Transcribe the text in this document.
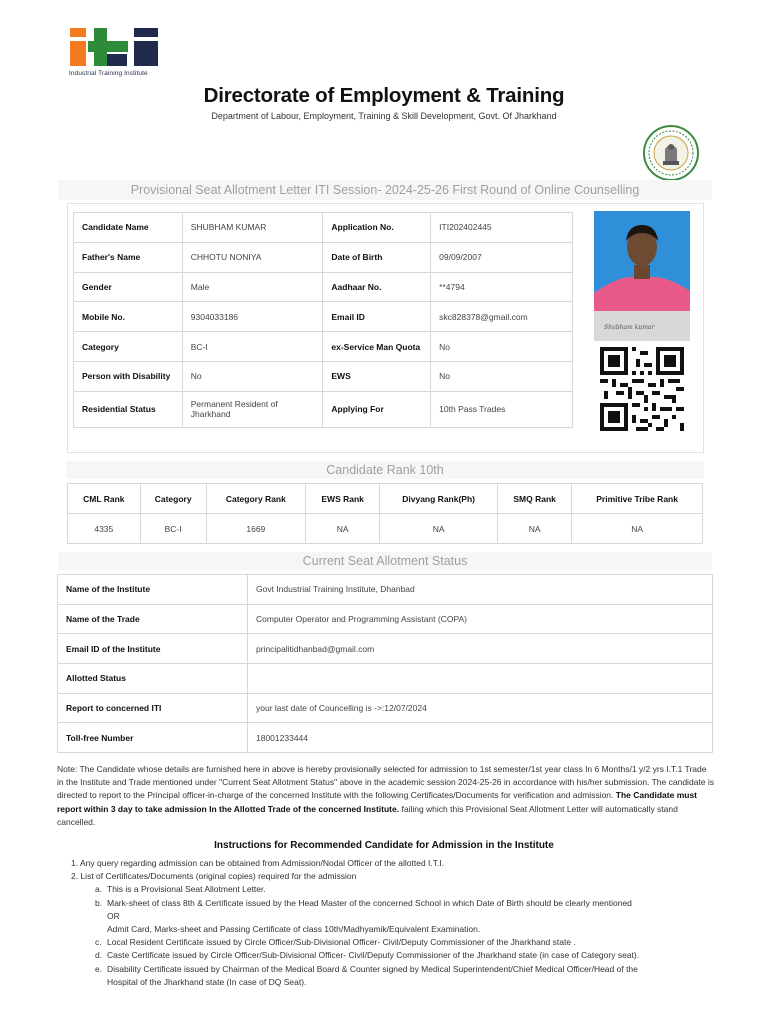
Industrial Training Institute
Directorate of Employment & Training
Department of Labour, Employment, Training & Skill Development, Govt. Of Jharkhand
Provisional Seat Allotment Letter ITI Session- 2024-25-26 First Round of Online Counselling
Candidate Name	SHUBHAM KUMAR	Application No.	ITI202402445
Father's Name	CHHOTU NONIYA	Date of Birth	09/09/2007
Gender	Male	Aadhaar No.	**4794
Mobile No.	9304033186	Email ID	skc828378@gmail.com
Category	BC-I	ex-Service Man Quota	No
Person with Disability	No	EWS	No
Residential Status	Permanent Resident of Jharkhand	Applying For	10th Pass Trades
Shubham kumar
Candidate Rank 10th
CML Rank	Category	Category Rank	EWS Rank	Divyang Rank(Ph)	SMQ Rank	Primitive Tribe Rank
4335	BC-I	1669	NA	NA	NA	NA
Current Seat Allotment Status
Name of the Institute	Govt Industrial Training Institute, Dhanbad
Name of the Trade	Computer Operator and Programming Assistant (COPA)
Email ID of the Institute	principalitidhanbad@gmail.com
Allotted Status	
Report to concerned ITI	your last date of Councelling is ->:12/07/2024
Toll-free Number	18001233444
Note: The Candidate whose details are furnished here in above is hereby provisionally selected for admission to 1st semester/1st year class In 6 Months/1 y/2 yrs I.T.1 Trade in the Institute and Trade mentioned under "Current Seat Allotment Status" above in the academic session 2024-25-26 in accordance with his/her submission. The candidate is directed to report to the Principal officer-in-charge of the concerned Institute with the following Certificates/Documents for verification and admission. The Candidate must report within 3 day to take admission In the Allotted Trade of the concerned Institute. failing which this Provisional Seat Allotment Letter will automatically stand cancelled.
Instructions for Recommended Candidate for Admission in the Institute
1. Any query regarding admission can be obtained from Admission/Nodal Officer of the allotted I.T.I.
2. List of Certificates/Documents (original copies) required for the admission
a. This is a Provisional Seat Allotment Letter.
b. Mark-sheet of class 8th & Certificate issued by the Head Master of the concerned School in which Date of Birth should be clearly mentioned
OR
Admit Card, Marks-sheet and Passing Certificate of class 10th/Madhyamik/Equivalent Examination.
c. Local Resident Certificate issued by Circle Officer/Sub-Divisional Officer- Civil/Deputy Commissioner of the Jharkhand state .
d. Caste Certificate issued by Circle Officer/Sub-Divisional Officer- Civil/Deputy Commissioner of the Jharkhand state (in case of Category seat).
e. Disability Certificate issued by Chairman of the Medical Board & Counter signed by Medical Superintendent/Chief Medical Officer/Head of the
Hospital of the Jharkhand state (In case of DQ Seat).
